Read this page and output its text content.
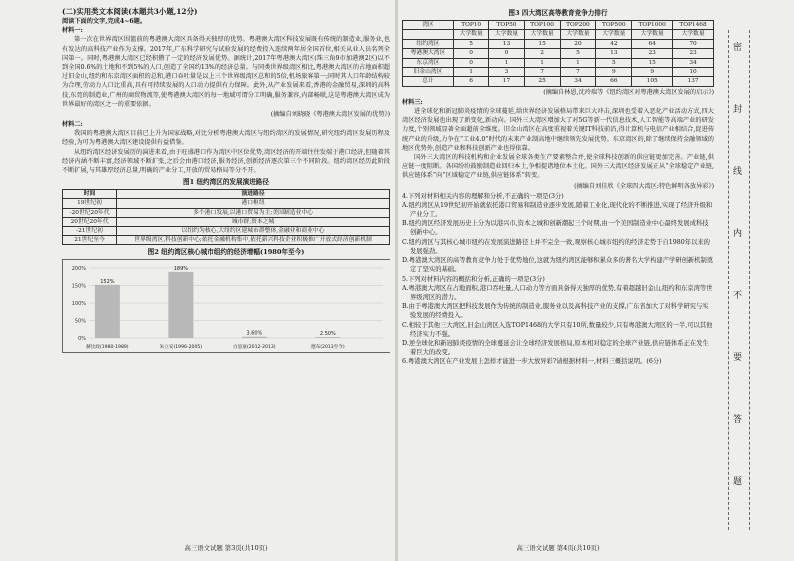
(二)实用类文本阅读(本题共3小题,12分)

阅读下面的文字,完成4~6题。

材料一:

第一次在世界湾区围篮前的粤港澳大湾区具备得天独厚的优势。粤港澳大湾区科技发展既有传统的制造业,服务业,也有发达的高科技产业作为支撑。2017年,广东科学研究与试验发展的经费投入连续两年居全国首位,相关从业人员名列全国第一。同时,粤港澳大湾区已经积攒了一定的经济发展优势。据统计,2017年粤港澳大湾区(珠三角9市加港澳2区)以不到全国0.6%的土地和不到5%的人口,创造了全国约13%的经济总量。与同类世界级湾区相比,粤港澳大湾区的占地面积超过旧金山,纽约和东京湾区面积的总和,港口吞吐量是以上三个世界级湾区总和的5倍,机场旅客第一;同时其人口年龄结构较为合理,劳动力人口比重高,具有可持续发展的人口动力提供有力保障。此外,从产业发展来看,香港的金融贸易,深圳的高科技,东莞的制造业,广州的商贸物流等,使粤港澳大湾区的每一地域可谓分工明确,服务兼容,内部畅联,这是粤港澳大湾区成为世界最好的湾区之一的重要依据。

(摘编自刘晓晓《粤港澳大湾区发展的优势》)

材料二:

我国的粤港澳大湾区目前已上升为国家战略,对比分析粤港澳大湾区与纽约湾区的发展情况,研究纽约湾区发展历程及经验,为可为粤港澳大湾区建设提供有益借鉴。

从纽约湾区经济发展历的演进来看,由于旺盛港口作为湾区中区位优势,湾区经济的开端往往发端于港口经济,但随着其经济内涵不断丰富,经济领域不断扩张,之后会由港口经济,服务经济,创新经济逐次第三个不同阶段。纽约湾区经历此阶段不断扩展,与其雄厚经济总量,明确的产业分工,开放的贸易格局等分不开。

图1 纽约湾区的发展演进路径

时间	演进路径
19世纪初	港口枢纽
-20世纪20年代	多个港口发展,以港口贸易为主;美国制造业中心
20世纪20年代	城市群,资本之城
-21世纪初	以纽约为核心,大纽约区建城市群整体,金融业和商业中心
21世纪至今	世界级湾区,科技创新中心;依托金融机构集中,依托新兴科技企业积极推广开放式经济创新机制

图2 纽约湾区核心城市组约的经济增幅(1980年至今)

200%
150%
100%
50%
0%
152%
赫比政(1980-1989)
189%
朱立安(1996-2005)
3.60%
白思豪(2012-2013)
2.50%
德布(2013至今)
高三语文试题 第3页(共10页)

图3 四大湾区高等教育竞争力排行

湾区	TOP10	TOP50	TOP100	TOP200	TOP500	TOP1000	TOP1468
	大学数量	大学数量	大学数量	大学数量	大学数量	大学数量	大学数量
纽约湾区	5	13	15	20	42	64	70
粤港澳大湾区	0	0	2	5	13	23	23
东京湾区	0	1	1	1	5	15	34
旧金山湾区	1	3	7	7	9	9	10
总计	6	17	25	34	66	105	137

(摘编自林恩,沈玲瑞等《纽约湾区对粤港澳大湾区发展的启示》)

材料三:

进全球化和新冠肺炎疫情的全球蔓延,给世界经济发展格局带来巨大冲击,深圳也受着入恶化产业活动方式,四大湾区经济发展也出现了新变化,新动向。国外三大湾区增加大了对5G等新一代信息技术,人工智能等高端产业的研发力度,个别领域显著全面超前全维度。旧金山湾区在高度重视着关键IT科技前沿,得计算机与电信产业相结合,促进传统产业的升级,力争在“工业4.0”时代的未来产业制高地中继续领先发展优势。东京湾区的,除了继续保持金融领域的地区优势外,创造产业和科技创新产业也得依靠。

国外三大湾区的科技机构和企业发展全球各类生产要素整合并,使全球科技创新的供应链更加完善。产业链,供应链一度阻断。各国纷纷鼓励制造业回归本土,争相提诸地位本土化。国外三大湾区经济发展正从“全球稳定产业链,供应链体系”向“区域稳定产业链,供应链体系”转变。

(摘编自刘佳欣《全球四大湾区:特色鲜明各放异彩》)

4.下列对材料相关内容的理解和分析,不正确的一项是(3分)

A.纽约湾区从19世纪初开始就依托港口贸易和制造业逐步发展,随着工业化,现代化的不断推进,实现了经济升级和产业分工。

B.纽约湾区经济发展历史上分为以港兴市,资本之城和创新潮起三个时期,由一个美国制造业中心最终发展成科技创新中心。

C.纽约湾区与其核心城市纽约在发展演进路径上并不完全一致,观察核心城市纽约的经济走势于自1980年以来的发展强劲。

D.粤港澳大湾区的高等教育竞争力处于优势地位,这就为纽约湾区能够积累众多的著名大学构建产学研创新机制奠定了坚实的基础。

5.下列对材料内容的概括和分析,正确的一项是(3分)

A.粤港澳大湾区在占地面积,港口吞吐量,人口动力等方面具备得天独厚的优势,有着超越旧金山,纽约和东京湾等世界级湾区的潜力。

B.由于粤港澳大湾区把科技发展作为传统的制造业,服务业以及高科技产业的支撑,广东省加大了对科学研究与实验发展的经费投入。

C.相较于其他三大湾区,旧金山湾区入选TOP1468的大学只有10所,数量较少,只有粤港澳大湾区的一半,可以其他经济实力不强。

D.逆全球化和新冠肺炎疫情的全球蔓延会让全球经济发展格局,原本相对稳定的全球产业链,供应链体系正在发生着巨大的改变。

6.粤港澳大湾区在产业发展上怎样才能进一步大放异彩?请根据材料一,材料三概括说明。(6分)

高三语文试题 第4页(共10页)
密
封
线
内
不
要
答
题
